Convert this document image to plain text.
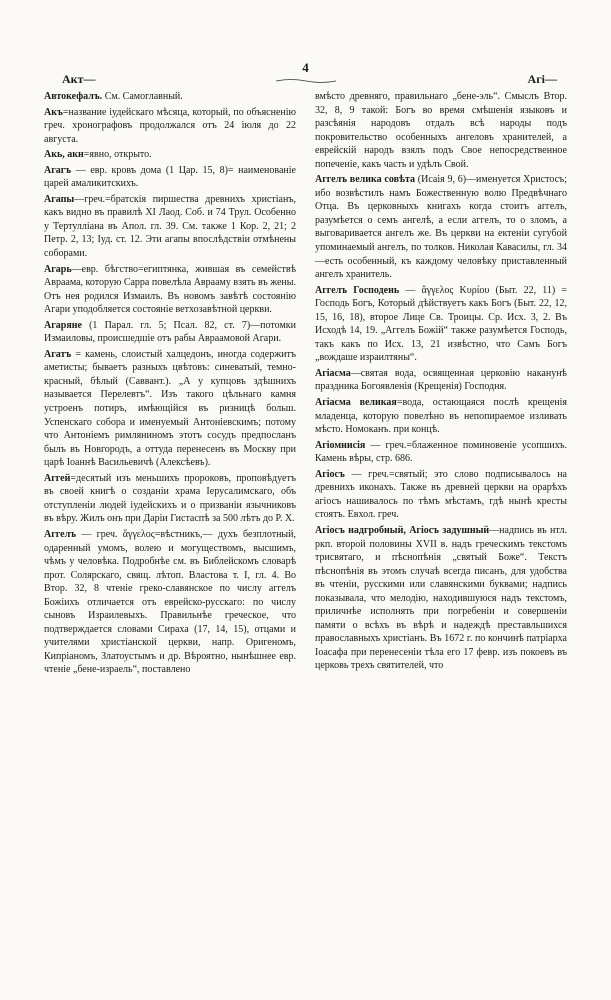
Акт—
4
Агі—

Автокефалъ. См. Самоглавный.

Акъ=название іудейскаго мѣсяца, который, по объясненію греч. хронографовъ продолжался отъ 24 іюля до 22 августа.

Акь, акн=явно, открыто.

Агагъ — евр. кровъ дома (1 Цар. 15, 8)= наименованіе царей амаликитскихъ.

Агапы—греч.=братскія пиршества древнихъ христіанъ, какъ видно въ правилѣ XI Лаод. Соб. и 74 Трул. Особенно у Тертулліана въ Апол. гл. 39. См. также 1 Кор. 2, 21; 2 Петр. 2, 13; Іуд. ст. 12. Эти агапы впослѣдствіи отмѣнены соборами.

Агарь—евр. бѣгство=египтянка, жившая въ семействѣ Авраама, которую Сарра повелѣла Аврааму взять въ жены. Отъ нея родился Измаилъ. Въ новомъ завѣтѣ состоянію Агари уподобляется состояніе ветхозавѣтной церкви.

Агаряне (1 Парал. гл. 5; Псал. 82, ст. 7)—потомки Измаиловы, происшедшіе отъ рабы Авраамовой Агари.

Агатъ = камень, слоистый халцедонъ, иногда содержитъ аметисты; бываетъ разныхъ цвѣтовъ: синеватый, темно-красный, бѣлый (Саввант.). „А у купцовъ здѣшнихъ называется Перелевтъ“. Изъ такого цѣльнаго камня устроенъ потиръ, имѣющійся въ ризницѣ больш. Успенскаго собора и именуемый Антоніевскимъ; потому что Антоніемъ римляниномъ этотъ сосудъ предпосланъ былъ въ Новгородъ, а оттуда перенесенъ въ Москву при царѣ Іоаннѣ Васильевичѣ (Алексѣевъ).

Аггей=десятый изъ меньшихъ пророковъ, проповѣдуетъ въ своей книгѣ о созданіи храма Іерусалимскаго, объ отступленіи людей іудейскихъ и о призваніи язычниковъ въ вѣру. Жилъ онъ при Даріи Гистаспѣ за 500 лѣтъ до Р. Х.

Аггелъ — греч. ἄγγελος=вѣстникъ,— духъ безплотный, одаренный умомъ, волею и могуществомъ, высшимъ, чѣмъ у человѣка. Подробнѣе см. въ Библейскомъ словарѣ прот. Солярскаго, свящ. лѣтоп. Властова т. I, гл. 4. Во Втор. 32, 8 чтеніе греко-славянское по числу аггелъ Божіихъ отличается отъ еврейско-русскаго: по числу сыновъ Израилевыхъ. Правильнѣе греческое, что подтверждается словами Сираха (17, 14, 15), отцами и учителями христіанской церкви, напр. Оригеномъ, Кипріаномъ, Златоустымъ и др. Вѣроятно, нынѣшнее евр. чтеніе „бене-израель“, поставлено

вмѣсто древняго, правильнаго „бене-эль“. Смыслъ Втор. 32, 8, 9 такой: Богъ во время смѣшенія языковъ и разсѣянія народовъ отдалъ всѣ народы подъ покровительство особенныхъ ангеловъ хранителей, а еврейскій народъ взялъ подъ Свое непосредственное попеченіе, какъ часть и удѣлъ Свой.

Аггелъ велика совѣта (Исаія 9, 6)—именуется Христосъ; ибо возвѣстилъ намъ Божественную волю Предвѣчнаго Отца. Въ церковныхъ книгахъ когда стоитъ аггелъ, разумѣется о семъ ангелѣ, а если аггелъ, то о зломъ, а выговаривается ангелъ же. Въ церкви на ектеніи сугубой упоминаемый ангелъ, по толков. Николая Кавасилы, гл. 34—есть особенный, къ каждому человѣку приставленный ангелъ хранитель.

Аггелъ Господень — ἄγγελος Κυρίου (Быт. 22, 11) = Господь Богъ, Который дѣйствуетъ какъ Богъ (Быт. 22, 12, 15, 16, 18), второе Лице Св. Троицы. Ср. Исх. 3, 2. Въ Исходѣ 14, 19. „Аггелъ Божій“ также разумѣется Господь, такъ какъ по Исх. 13, 21 извѣстно, что Самъ Богъ „вождаше израилтяны“.

Агіасма—святая вода, освященная церковію наканунѣ праздника Богоявленія (Крещенія) Господня.

Агіасма великая=вода, остающаяся послѣ крещенія младенца, которую повелѣно въ непопираемое изливать мѣсто. Номоканъ. при концѣ.

Агіомнисія — греч.=блаженное поминовеніе усопшихъ. Камень вѣры, стр. 686.

Агіосъ — греч.=святый; это слово подписывалось на древнихъ иконахъ. Также въ древней церкви на орарѣхъ агіосъ нашивалось по тѣмъ мѣстамъ, гдѣ нынѣ кресты стоятъ. Евхол. греч.

Агіосъ надгробный, Агіосъ задушный—надпись въ нтл. ркп. второй половины XVII в. надъ греческимъ текстомъ трисвятаго, и пѣснопѣнія „святый Боже“. Текстъ пѣснопѣнія въ этомъ случаѣ всегда писанъ, для удобства въ чтеніи, русскими или славянскими буквами; надпись показывала, что мелодію, находившуюся надъ текстомъ, приличнѣе исполнять при погребеніи и совершеніи памяти о всѣхъ въ вѣрѣ и надеждѣ преставльшихся православныхъ христіанъ. Въ 1672 г. по кончинѣ патріарха Іоасафа при перенесеніи тѣла его 17 февр. изъ покоевъ въ церковь трехъ святителей, что
